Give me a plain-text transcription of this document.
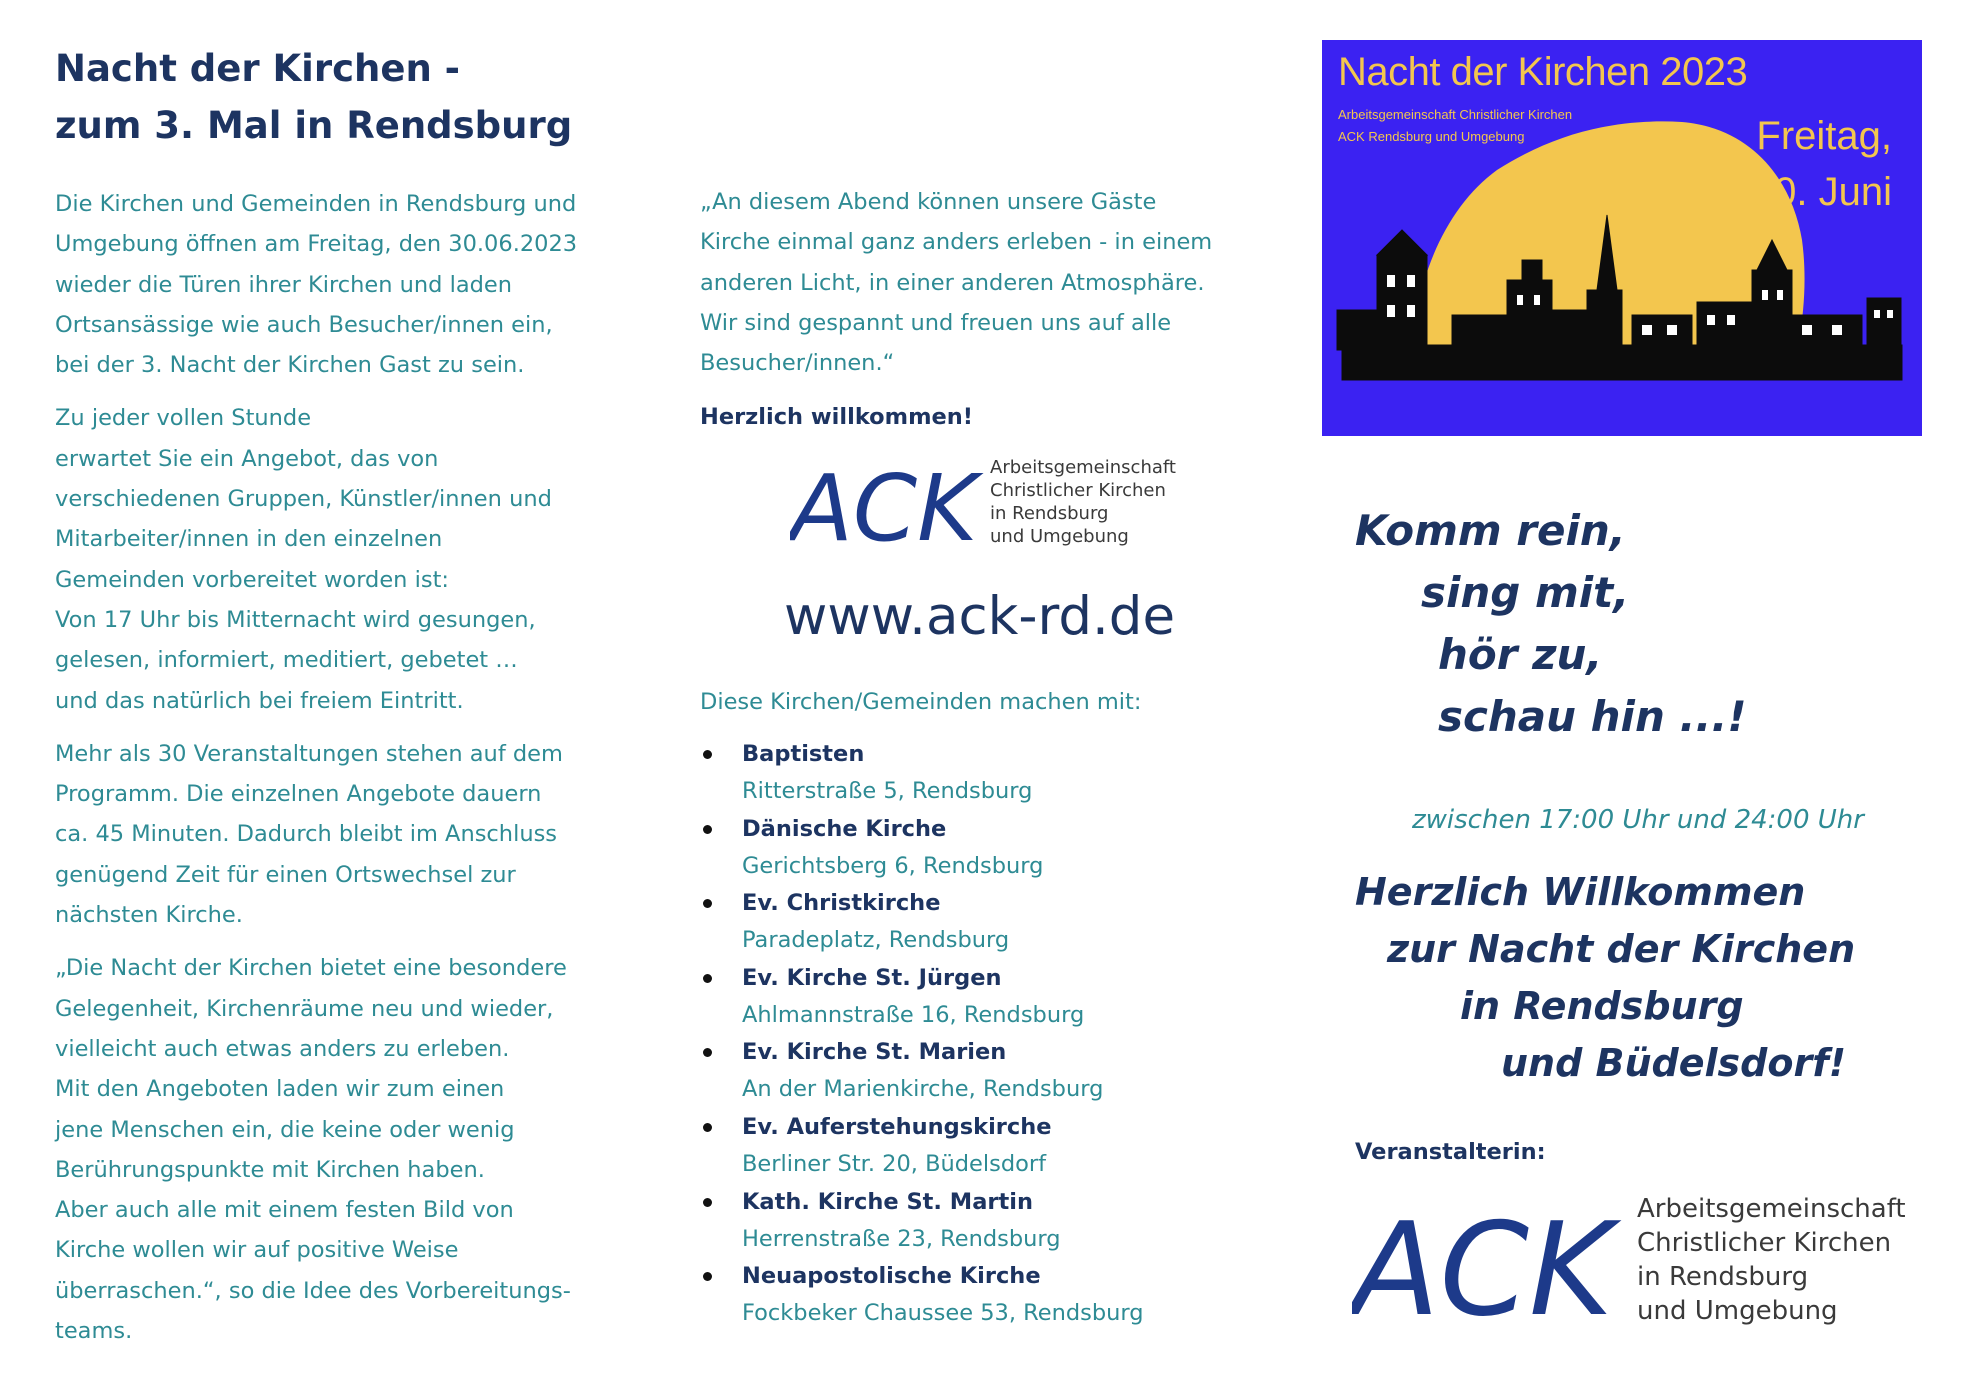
Nacht der Kirchen -
zum 3. Mal in Rendsburg

Die Kirchen und Gemeinden in Rendsburg und
Umgebung öffnen am Freitag, den 30.06.2023
wieder die Türen ihrer Kirchen und laden
Ortsansässige wie auch Besucher/innen ein,
bei der 3. Nacht der Kirchen Gast zu sein.

Zu jeder vollen Stunde
erwartet Sie ein Angebot, das von
verschiedenen Gruppen, Künstler/innen und
Mitarbeiter/innen in den einzelnen
Gemeinden vorbereitet worden ist:
Von 17 Uhr bis Mitternacht wird gesungen,
gelesen, informiert, meditiert, gebetet …
und das natürlich bei freiem Eintritt.

Mehr als 30 Veranstaltungen stehen auf dem
Programm. Die einzelnen Angebote dauern
ca. 45 Minuten. Dadurch bleibt im Anschluss
genügend Zeit für einen Ortswechsel zur
nächsten Kirche.

„Die Nacht der Kirchen bietet eine besondere
Gelegenheit, Kirchenräume neu und wieder,
vielleicht auch etwas anders zu erleben.
Mit den Angeboten laden wir zum einen
jene Menschen ein, die keine oder wenig
Berührungspunkte mit Kirchen haben.
Aber auch alle mit einem festen Bild von
Kirche wollen wir auf positive Weise
überraschen.“, so die Idee des Vorbereitungs-
teams.

„An diesem Abend können unsere Gäste
Kirche einmal ganz anders erleben - in einem
anderen Licht, in einer anderen Atmosphäre.
Wir sind gespannt und freuen uns auf alle
Besucher/innen.“

Herzlich willkommen!

ACK Arbeitsgemeinschaft
Christlicher Kirchen
in Rendsburg
und Umgebung
www.ack-rd.de
Diese Kirchen/Gemeinden machen mit:
Baptisten
Ritterstraße 5, Rendsburg
Dänische Kirche
Gerichtsberg 6, Rendsburg
Ev. Christkirche
Paradeplatz, Rendsburg
Ev. Kirche St. Jürgen
Ahlmannstraße 16, Rendsburg
Ev. Kirche St. Marien
An der Marienkirche, Rendsburg
Ev. Auferstehungskirche
Berliner Str. 20, Büdelsdorf
Kath. Kirche St. Martin
Herrenstraße 23, Rendsburg
Neuapostolische Kirche
Fockbeker Chaussee 53, Rendsburg
Nacht der Kirchen 2023
Arbeitsgemeinschaft Christlicher Kirchen
ACK Rendsburg und Umgebung	Freitag,
30. Juni
Komm rein,
sing mit,
hör zu,
schau hin ...!
zwischen 17:00 Uhr und 24:00 Uhr
Herzlich Willkommen
zur Nacht der Kirchen
in Rendsburg
und Büdelsdorf!
Veranstalterin:
ACK Arbeitsgemeinschaft
Christlicher Kirchen
in Rendsburg
und Umgebung
